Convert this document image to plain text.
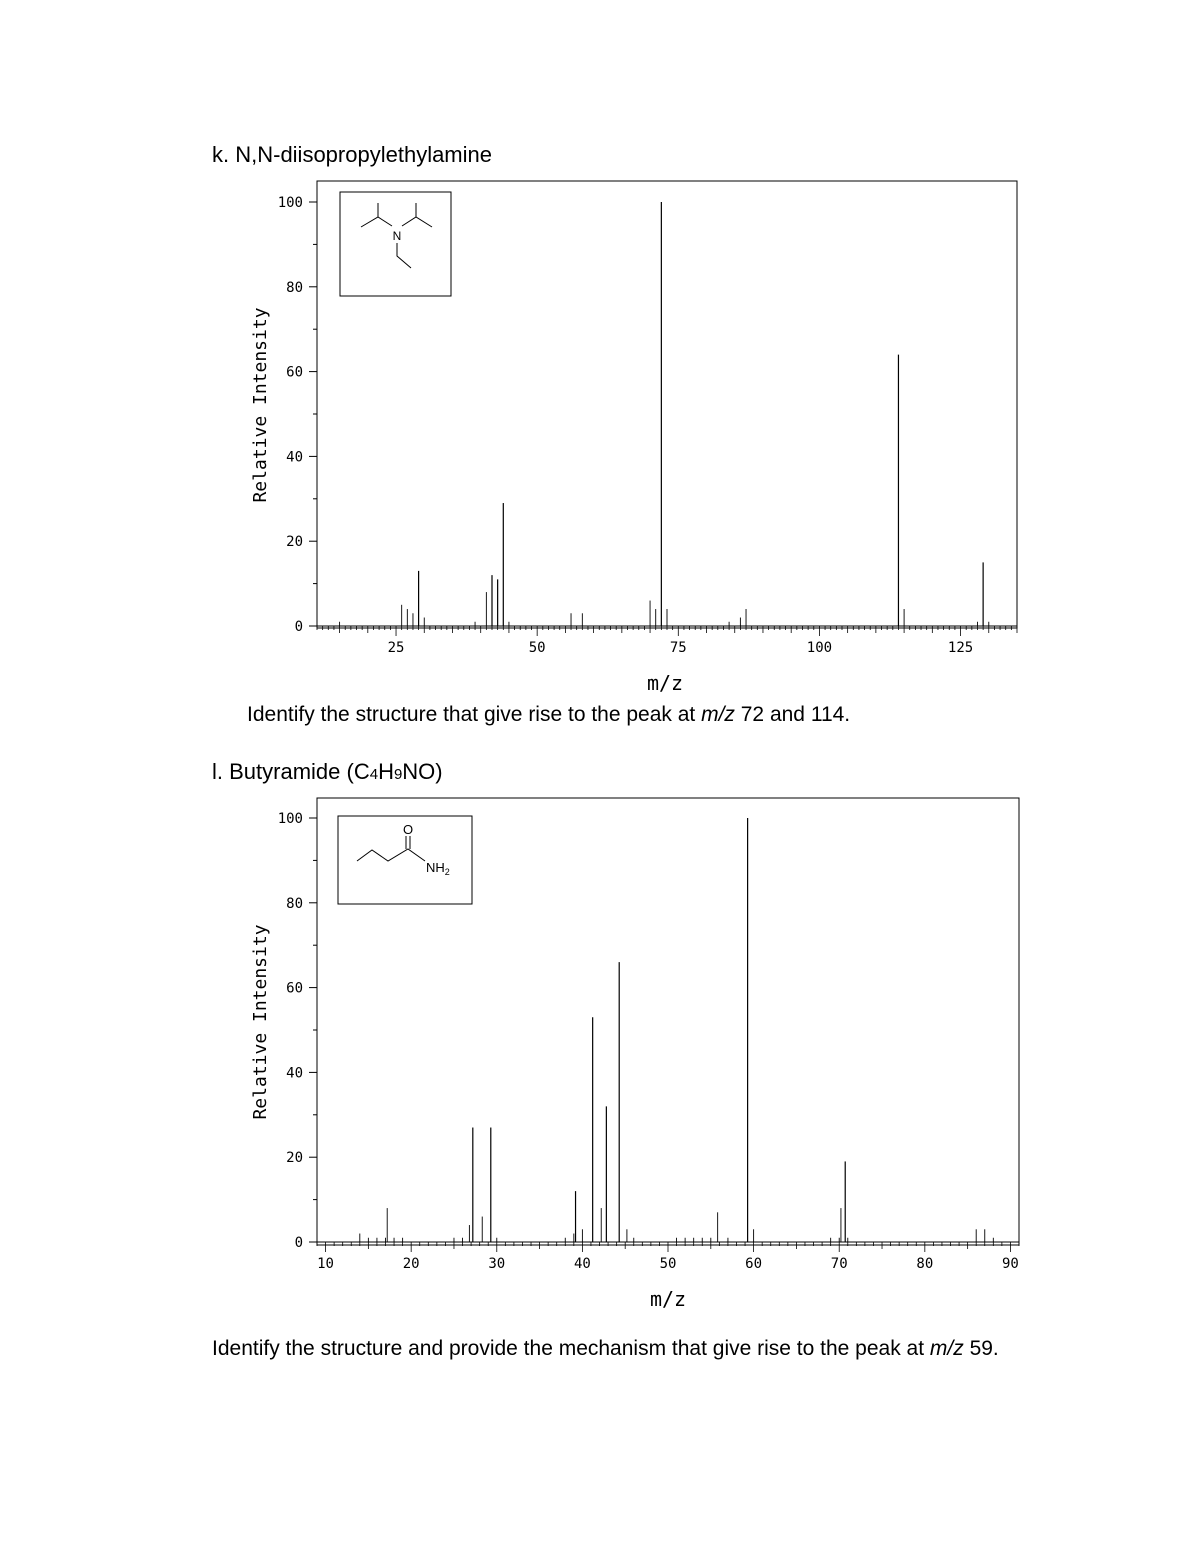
k. N,N-diisopropylethylamine
Relative Intensity
0
20
40
60
80
100
25	50	75	100	125
m/z
N
Identify the structure that give rise to the peak at m/z 72 and 114.
l. Butyramide (C4H9NO)
Relative Intensity
0
20
40
60
80
100
10	20	30	40	50	60	70	80	90
m/z
O
$NH_2$
Identify the structure and provide the mechanism that give rise to the peak at m/z 59.
